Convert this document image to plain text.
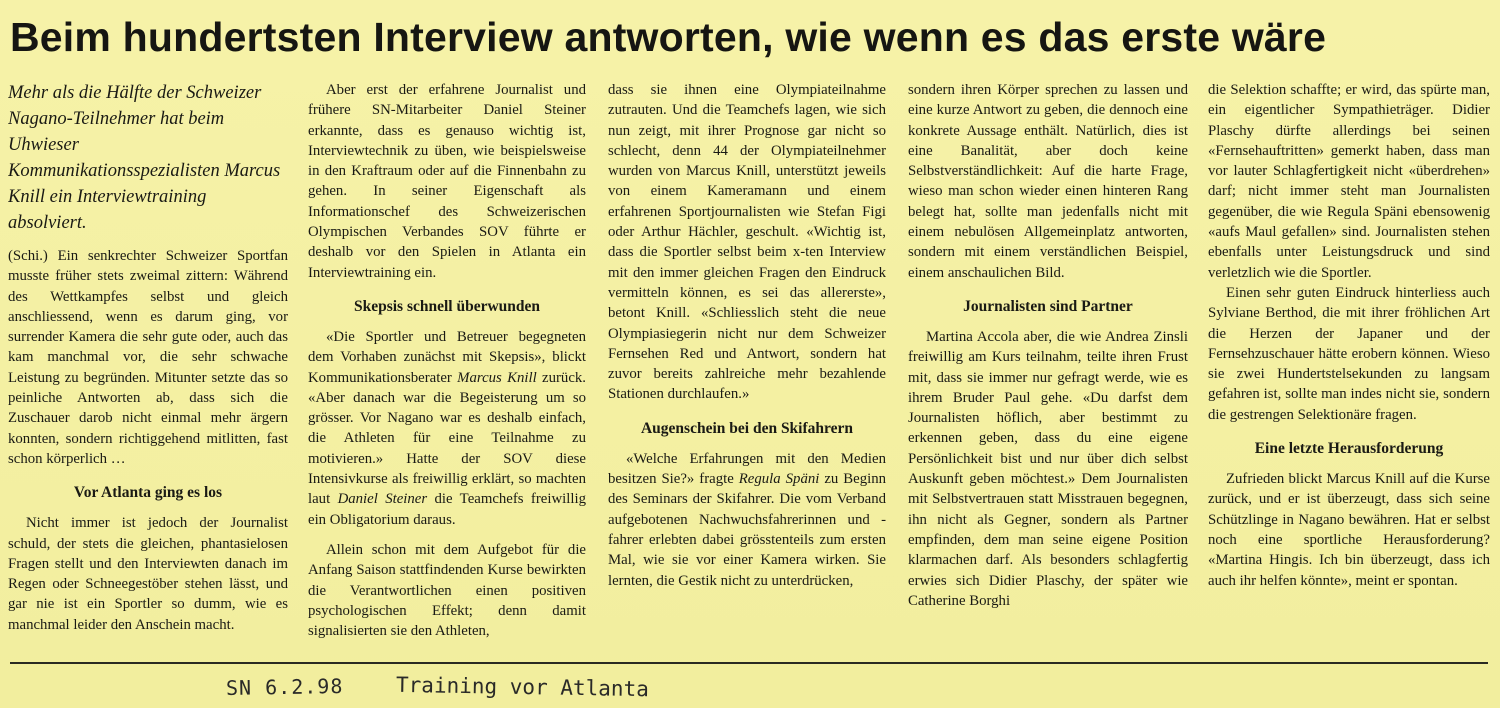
Beim hundertsten Interview antworten, wie wenn es das erste wäre

Mehr als die Hälfte der Schweizer Nagano-Teilnehmer hat beim Uhwieser Kommunikationsspezialisten Marcus Knill ein Interviewtraining absolviert.

(Schi.) Ein senkrechter Schweizer Sportfan musste früher stets zweimal zittern: Während des Wettkampfes selbst und gleich anschliessend, wenn es darum ging, vor surrender Kamera die sehr gute oder, auch das kam manchmal vor, die sehr schwache Leistung zu begründen. Mitunter setzte das so peinliche Antworten ab, dass sich die Zuschauer darob nicht einmal mehr ärgern konnten, sondern richtiggehend mitlitten, fast schon körperlich …

Vor Atlanta ging es los

Nicht immer ist jedoch der Journalist schuld, der stets die gleichen, phantasielosen Fragen stellt und den Interviewten danach im Regen oder Schneegestöber stehen lässt, und gar nie ist ein Sportler so dumm, wie es manchmal leider den Anschein macht.

Aber erst der erfahrene Journalist und frühere SN-Mitarbeiter Daniel Steiner erkannte, dass es genauso wichtig ist, Interviewtechnik zu üben, wie beispielsweise in den Kraftraum oder auf die Finnenbahn zu gehen. In seiner Eigenschaft als Informationschef des Schweizerischen Olympischen Verbandes SOV führte er deshalb vor den Spielen in Atlanta ein Interviewtraining ein.

Skepsis schnell überwunden

«Die Sportler und Betreuer begegneten dem Vorhaben zunächst mit Skepsis», blickt Kommunikationsberater Marcus Knill zurück. «Aber danach war die Begeisterung um so grösser. Vor Nagano war es deshalb einfach, die Athleten für eine Teilnahme zu motivieren.» Hatte der SOV diese Intensivkurse als freiwillig erklärt, so machten laut Daniel Steiner die Teamchefs freiwillig ein Obligatorium daraus.

Allein schon mit dem Aufgebot für die Anfang Saison stattfindenden Kurse bewirkten die Verantwortlichen einen positiven psychologischen Effekt; denn damit signalisierten sie den Athleten,

dass sie ihnen eine Olympiateilnahme zutrauten. Und die Teamchefs lagen, wie sich nun zeigt, mit ihrer Prognose gar nicht so schlecht, denn 44 der Olympiateilnehmer wurden von Marcus Knill, unterstützt jeweils von einem Kameramann und einem erfahrenen Sportjournalisten wie Stefan Figi oder Arthur Hächler, geschult. «Wichtig ist, dass die Sportler selbst beim x-ten Interview mit den immer gleichen Fragen den Eindruck vermitteln können, es sei das allererste», betont Knill. «Schliesslich steht die neue Olympiasiegerin nicht nur dem Schweizer Fernsehen Red und Antwort, sondern hat zuvor bereits zahlreiche mehr bezahlende Stationen durchlaufen.»

Augenschein bei den Skifahrern

«Welche Erfahrungen mit den Medien besitzen Sie?» fragte Regula Späni zu Beginn des Seminars der Skifahrer. Die vom Verband aufgebotenen Nachwuchsfahrerinnen und -fahrer erlebten dabei grösstenteils zum ersten Mal, wie sie vor einer Kamera wirken. Sie lernten, die Gestik nicht zu unterdrücken,

sondern ihren Körper sprechen zu lassen und eine kurze Antwort zu geben, die dennoch eine konkrete Aussage enthält. Natürlich, dies ist eine Banalität, aber doch keine Selbstverständlichkeit: Auf die harte Frage, wieso man schon wieder einen hinteren Rang belegt hat, sollte man jedenfalls nicht mit einem nebulösen Allgemeinplatz antworten, sondern mit einem verständlichen Beispiel, einem anschaulichen Bild.

Journalisten sind Partner

Martina Accola aber, die wie Andrea Zinsli freiwillig am Kurs teilnahm, teilte ihren Frust mit, dass sie immer nur gefragt werde, wie es ihrem Bruder Paul gehe. «Du darfst dem Journalisten höflich, aber bestimmt zu erkennen geben, dass du eine eigene Persönlichkeit bist und nur über dich selbst Auskunft geben möchtest.» Dem Journalisten mit Selbstvertrauen statt Misstrauen begegnen, ihn nicht als Gegner, sondern als Partner empfinden, dem man seine eigene Position klarmachen darf. Als besonders schlagfertig erwies sich Didier Plaschy, der später wie Catherine Borghi

die Selektion schaffte; er wird, das spürte man, ein eigentlicher Sympathieträger. Didier Plaschy dürfte allerdings bei seinen «Fernsehauftritten» gemerkt haben, dass man vor lauter Schlagfertigkeit nicht «überdrehen» darf; nicht immer steht man Journalisten gegenüber, die wie Regula Späni ebensowenig «aufs Maul gefallen» sind. Journalisten stehen ebenfalls unter Leistungsdruck und sind verletzlich wie die Sportler.

Einen sehr guten Eindruck hinterliess auch Sylviane Berthod, die mit ihrer fröhlichen Art die Herzen der Japaner und der Fernsehzuschauer hätte erobern können. Wieso sie zwei Hundertstelsekunden zu langsam gefahren ist, sollte man indes nicht sie, sondern die gestrengen Selektionäre fragen.

Eine letzte Herausforderung

Zufrieden blickt Marcus Knill auf die Kurse zurück, und er ist überzeugt, dass sich seine Schützlinge in Nagano bewähren. Hat er selbst noch eine sportliche Herausforderung? «Martina Hingis. Ich bin überzeugt, dass ich auch ihr helfen könnte», meint er spontan.

SN 6.2.98 Training vor Atlanta
